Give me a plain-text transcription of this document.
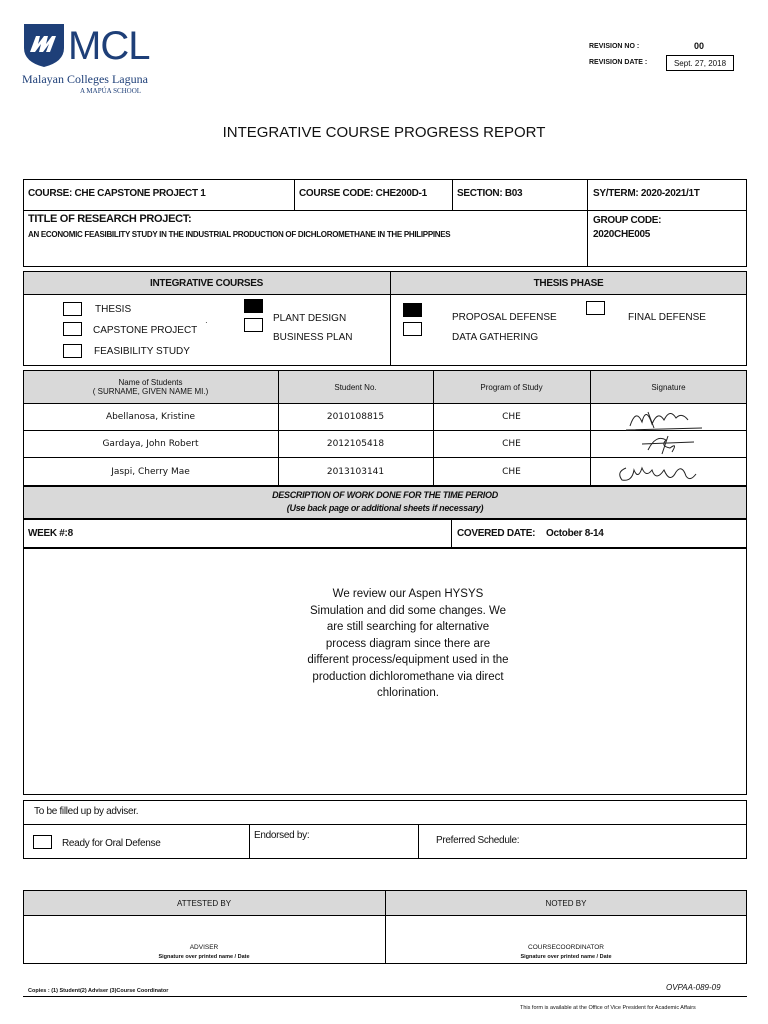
MCL
Malayan Colleges Laguna
A MAPÚA SCHOOL
REVISION NO :	00
REVISION DATE :	Sept. 27, 2018
INTEGRATIVE COURSE PROGRESS REPORT
COURSE: CHE CAPSTONE PROJECT 1	COURSE CODE: CHE200D-1	SECTION: B03	SY/TERM: 2020-2021/1T
TITLE OF RESEARCH PROJECT:
AN ECONOMIC FEASIBILITY STUDY IN THE INDUSTRIAL PRODUCTION OF DICHLOROMETHANE IN THE PHILIPPINES
GROUP CODE:
2020CHE005
INTEGRATIVE COURSES	THESIS PHASE
THESIS
CAPSTONE PROJECT
FEASIBILITY STUDY
·	PLANT DESIGN
BUSINESS PLAN
PROPOSAL DEFENSE
DATA GATHERING
FINAL DEFENSE
Name of Students
( SURNAME, GIVEN NAME MI.)	Student No.	Program of Study	Signature
Abellanosa, Kristine	2010108815	CHE
Gardaya, John Robert	2012105418	CHE
Jaspi, Cherry Mae	2013103141	CHE
DESCRIPTION OF WORK DONE FOR THE TIME PERIOD
(Use back page or additional sheets if necessary)
WEEK #:8	COVERED DATE: October 8-14
We review our Aspen HYSYS Simulation and did some changes. We are still searching for alternative process diagram since there are different process/equipment used in the production dichloromethane via direct chlorination.
To be filled up by adviser.
Ready for Oral Defense
Endorsed by:	Preferred Schedule:
ATTESTED BY	NOTED BY
ADVISER
Signature over printed name / Date
COURSECOORDINATOR
Signature over printed name / Date
Copies : (1) Student(2) Adviser (3)Course Coordinator	OVPAA-089-09
This form is available at the Office of Vice President for Academic Affairs
